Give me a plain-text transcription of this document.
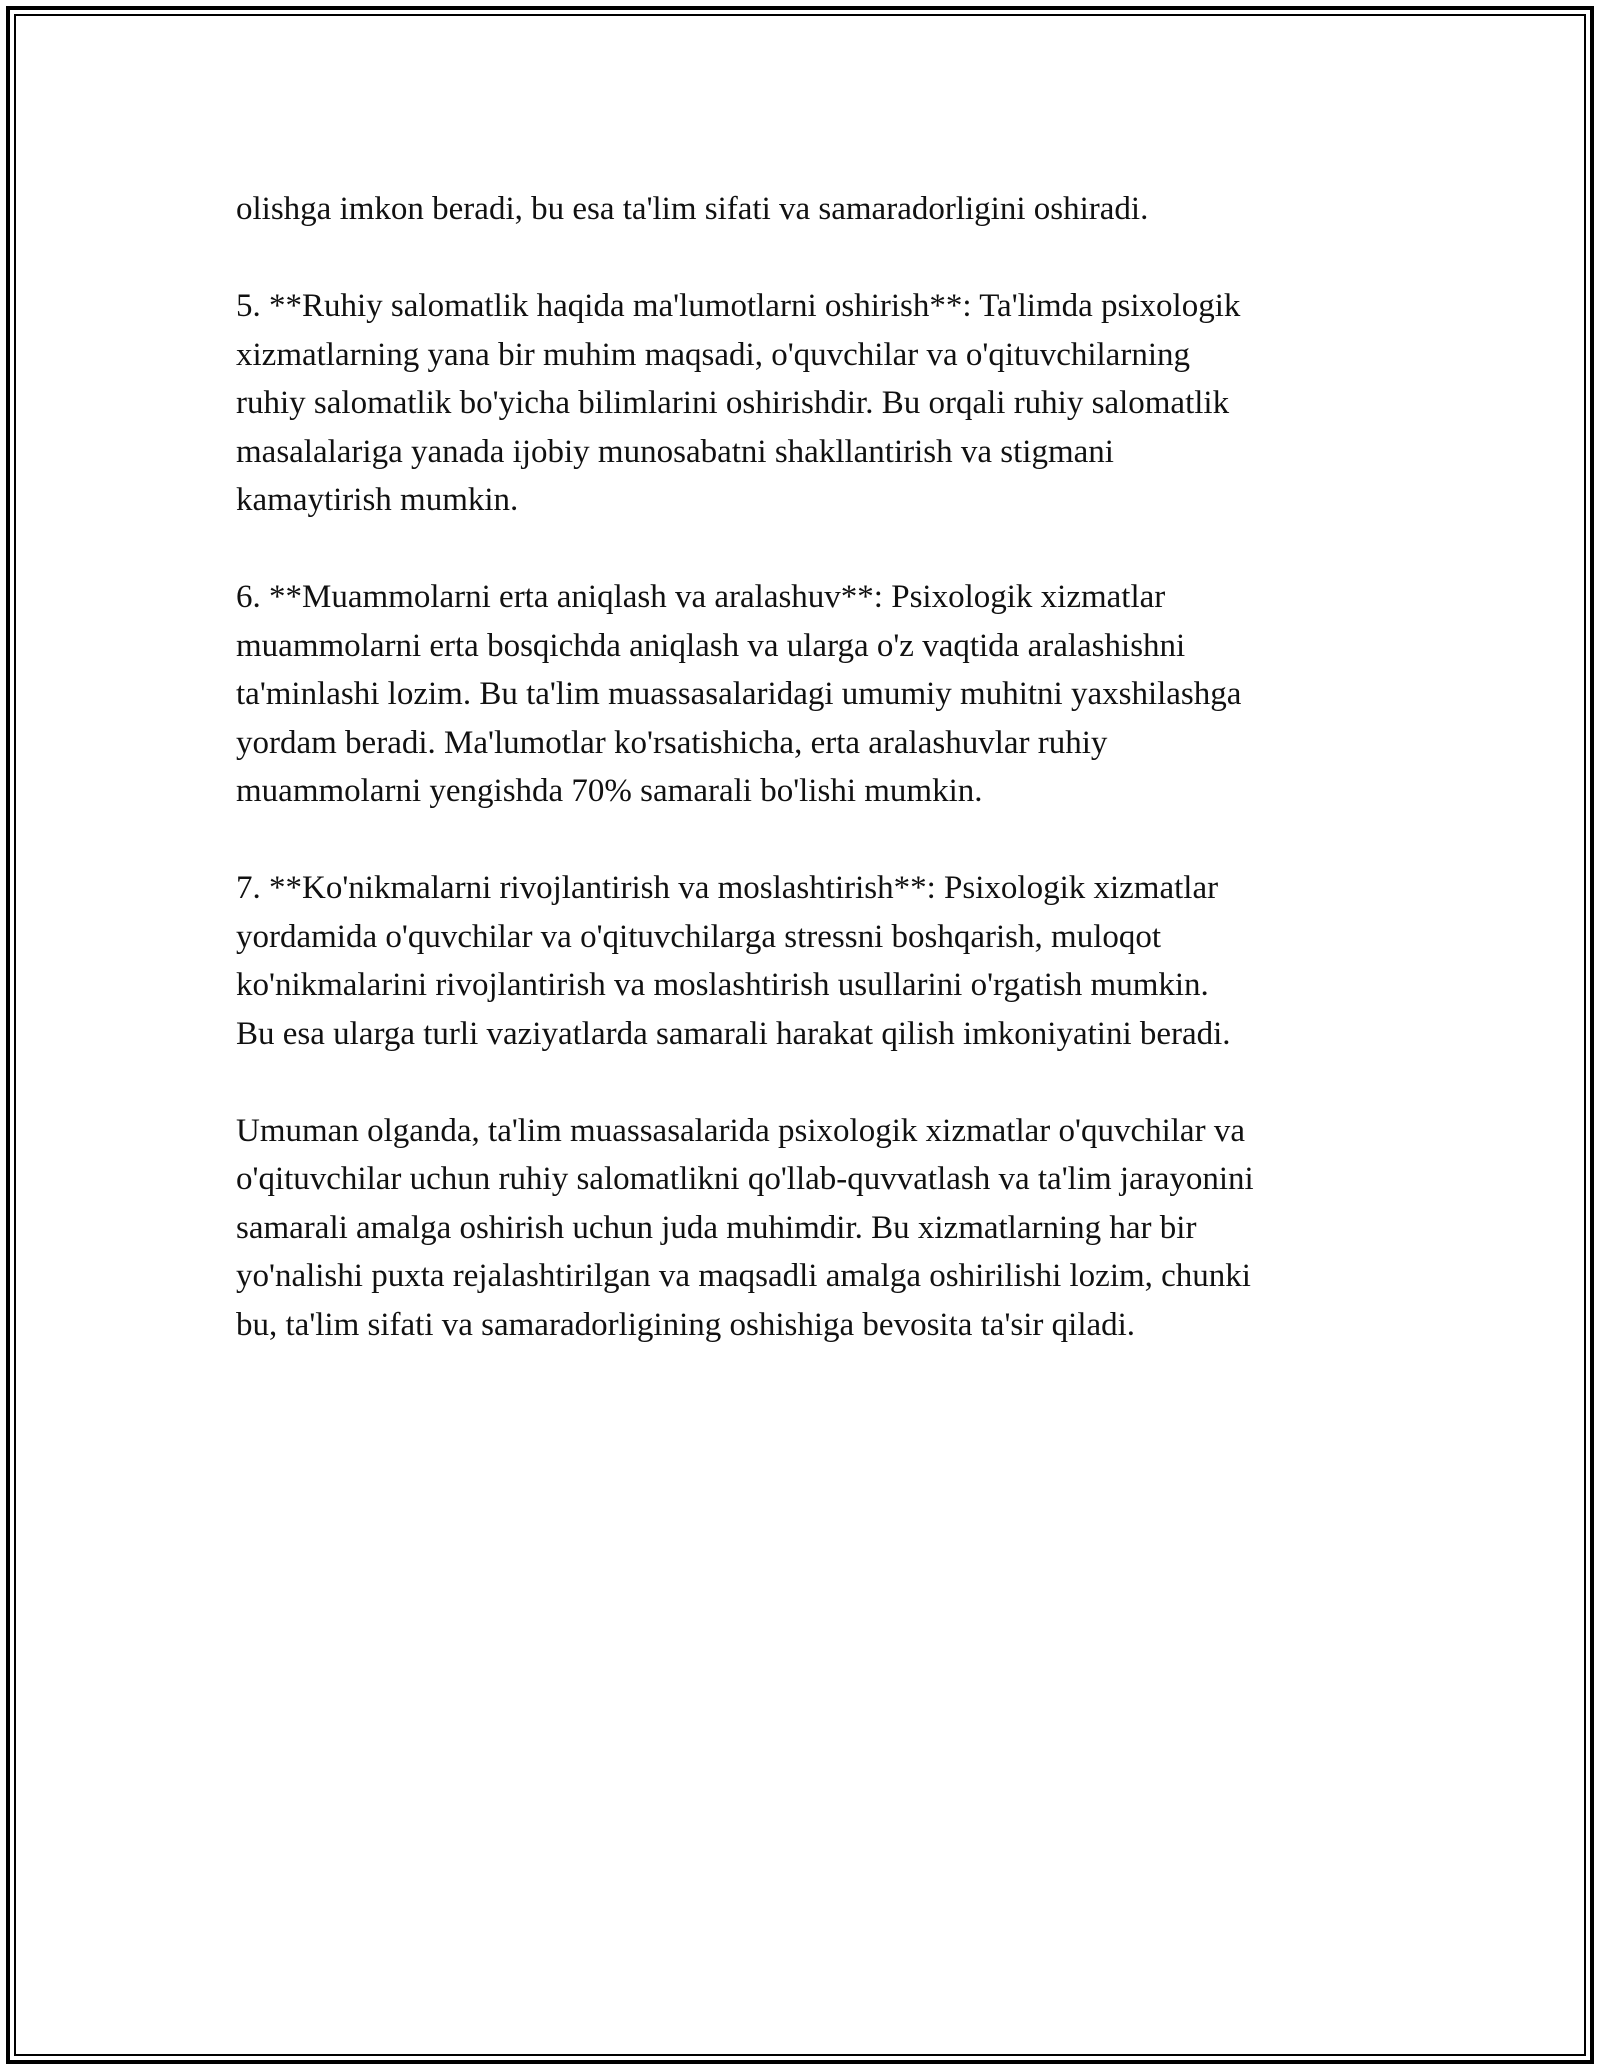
olishga imkon beradi, bu esa ta'lim sifati va samaradorligini oshiradi.

5. **Ruhiy salomatlik haqida ma'lumotlarni oshirish**: Ta'limda psixologik
xizmatlarning yana bir muhim maqsadi, o'quvchilar va o'qituvchilarning
ruhiy salomatlik bo'yicha bilimlarini oshirishdir. Bu orqali ruhiy salomatlik
masalalariga yanada ijobiy munosabatni shakllantirish va stigmani
kamaytirish mumkin.

6. **Muammolarni erta aniqlash va aralashuv**: Psixologik xizmatlar
muammolarni erta bosqichda aniqlash va ularga o'z vaqtida aralashishni
ta'minlashi lozim. Bu ta'lim muassasalaridagi umumiy muhitni yaxshilashga
yordam beradi. Ma'lumotlar ko'rsatishicha, erta aralashuvlar ruhiy
muammolarni yengishda 70% samarali bo'lishi mumkin.

7. **Ko'nikmalarni rivojlantirish va moslashtirish**: Psixologik xizmatlar
yordamida o'quvchilar va o'qituvchilarga stressni boshqarish, muloqot
ko'nikmalarini rivojlantirish va moslashtirish usullarini o'rgatish mumkin.
Bu esa ularga turli vaziyatlarda samarali harakat qilish imkoniyatini beradi.

Umuman olganda, ta'lim muassasalarida psixologik xizmatlar o'quvchilar va
o'qituvchilar uchun ruhiy salomatlikni qo'llab-quvvatlash va ta'lim jarayonini
samarali amalga oshirish uchun juda muhimdir. Bu xizmatlarning har bir
yo'nalishi puxta rejalashtirilgan va maqsadli amalga oshirilishi lozim, chunki
bu, ta'lim sifati va samaradorligining oshishiga bevosita ta'sir qiladi.
